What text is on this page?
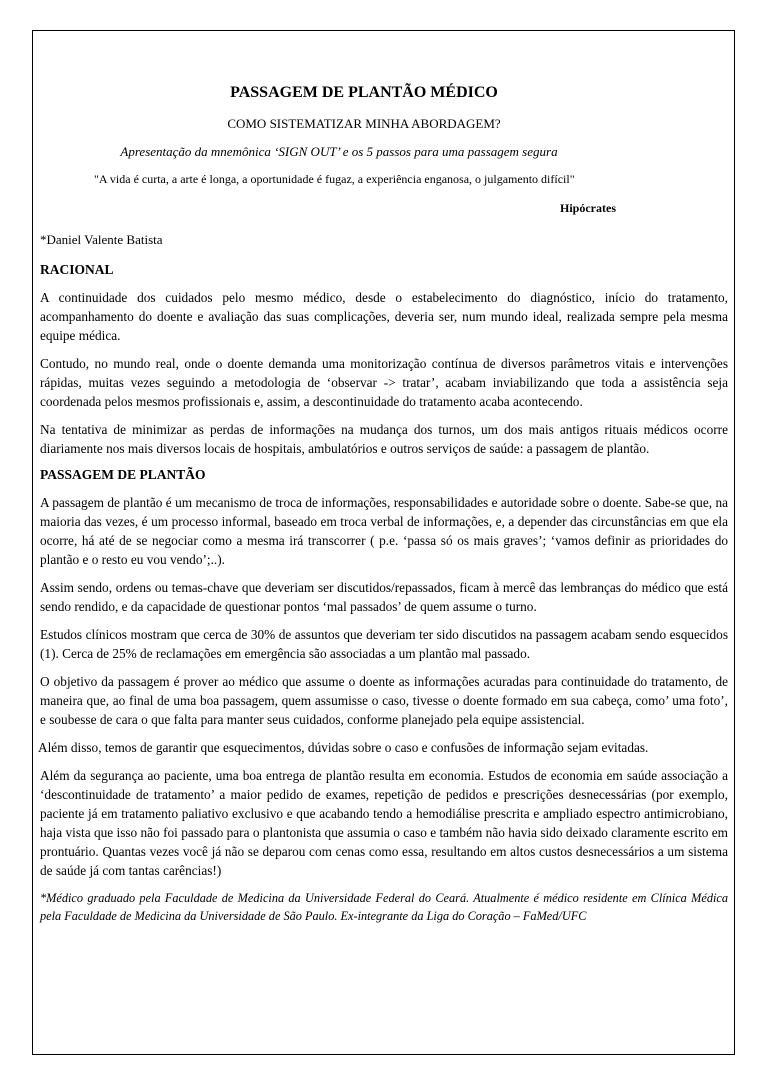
PASSAGEM DE PLANTÃO MÉDICO
COMO SISTEMATIZAR MINHA ABORDAGEM?
Apresentação da mnemônica ‘SIGN OUT’ e os 5 passos para uma passagem segura
"A vida é curta, a arte é longa, a oportunidade é fugaz, a experiência enganosa, o julgamento difícil"
Hipócrates
*Daniel Valente Batista
RACIONAL

A continuidade dos cuidados pelo mesmo médico, desde o estabelecimento do diagnóstico, início do tratamento, acompanhamento do doente e avaliação das suas complicações, deveria ser, num mundo ideal, realizada sempre pela mesma equipe médica.

Contudo, no mundo real, onde o doente demanda uma monitorização contínua de diversos parâmetros vitais e intervenções rápidas, muitas vezes seguindo a metodologia de ‘observar -> tratar’, acabam inviabilizando que toda a assistência seja coordenada pelos mesmos profissionais e, assim, a descontinuidade do tratamento acaba acontecendo.

Na tentativa de minimizar as perdas de informações na mudança dos turnos, um dos mais antigos rituais médicos ocorre diariamente nos mais diversos locais de hospitais, ambulatórios e outros serviços de saúde: a passagem de plantão.

PASSAGEM DE PLANTÃO

A passagem de plantão é um mecanismo de troca de informações, responsabilidades e autoridade sobre o doente. Sabe-se que, na maioria das vezes, é um processo informal, baseado em troca verbal de informações, e, a depender das circunstâncias em que ela ocorre, há até de se negociar como a mesma irá transcorrer ( p.e. ‘passa só os mais graves’; ‘vamos definir as prioridades do plantão e o resto eu vou vendo’;..).

Assim sendo, ordens ou temas-chave que deveriam ser discutidos/repassados, ficam à mercê das lembranças do médico que está sendo rendido, e da capacidade de questionar pontos ‘mal passados’ de quem assume o turno.

Estudos clínicos mostram que cerca de 30% de assuntos que deveriam ter sido discutidos na passagem acabam sendo esquecidos (1). Cerca de 25% de reclamações em emergência são associadas a um plantão mal passado.

O objetivo da passagem é prover ao médico que assume o doente as informações acuradas para continuidade do tratamento, de maneira que, ao final de uma boa passagem, quem assumisse o caso, tivesse o doente formado em sua cabeça, como’ uma foto’, e soubesse de cara o que falta para manter seus cuidados, conforme planejado pela equipe assistencial.

Além disso, temos de garantir que esquecimentos, dúvidas sobre o caso e confusões de informação sejam evitadas.

Além da segurança ao paciente, uma boa entrega de plantão resulta em economia. Estudos de economia em saúde associação a ‘descontinuidade de tratamento’ a maior pedido de exames, repetição de pedidos e prescrições desnecessárias (por exemplo, paciente já em tratamento paliativo exclusivo e que acabando tendo a hemodiálise prescrita e ampliado espectro antimicrobiano, haja vista que isso não foi passado para o plantonista que assumia o caso e também não havia sido deixado claramente escrito em prontuário. Quantas vezes você já não se deparou com cenas como essa, resultando em altos custos desnecessários a um sistema de saúde já com tantas carências!)

*Médico graduado pela Faculdade de Medicina da Universidade Federal do Ceará. Atualmente é médico residente em Clínica Médica pela Faculdade de Medicina da Universidade de São Paulo. Ex-integrante da Liga do Coração – FaMed/UFC
